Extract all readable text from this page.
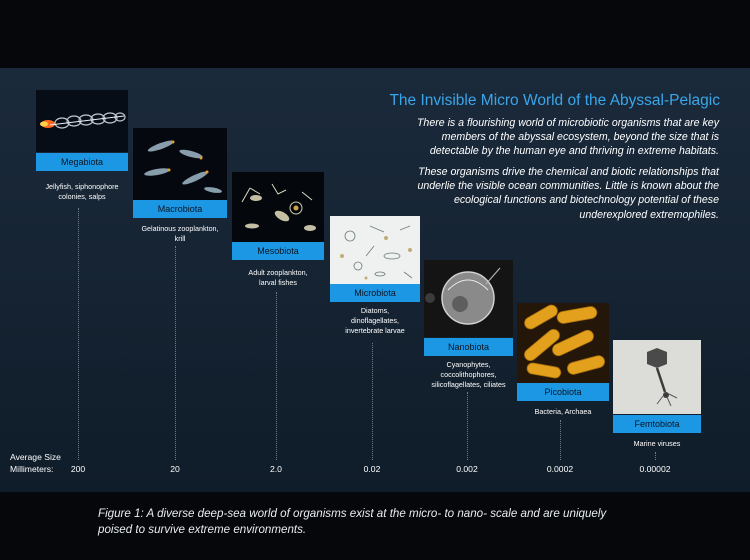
The Invisible Micro World of the Abyssal-Pelagic
There is a flourishing world of microbiotic organisms that are key
members of the abyssal ecosystem, beyond the size that is
detectable by the human eye and thriving in extreme habitats.
These organisms drive the chemical and biotic relationships that
underlie the visible ocean communities. Little is known about the
ecological functions and biotechnology potential of these
underexplored extremophiles.
Megabiota
Jellyfish, siphonophore
colonies, salps
Macrobiota
Gelatinous zooplankton,
krill
Mesobiota
Adult zooplankton,
larval fishes
Microbiota
Diatoms,
dinoflagellates,
invertebrate larvae
Nanobiota
Cyanophytes,
coccolithophores,
silicoflagellates, ciliates
Picobiota
Bacteria, Archaea
Femtobiota
Marine viruses
Average Size
Millimeters:	200	20	2.0	0.02	0.002	0.0002	0.00002
Figure 1: A diverse deep-sea world of organisms exist at the micro- to nano- scale and are uniquely
poised to survive extreme environments.
